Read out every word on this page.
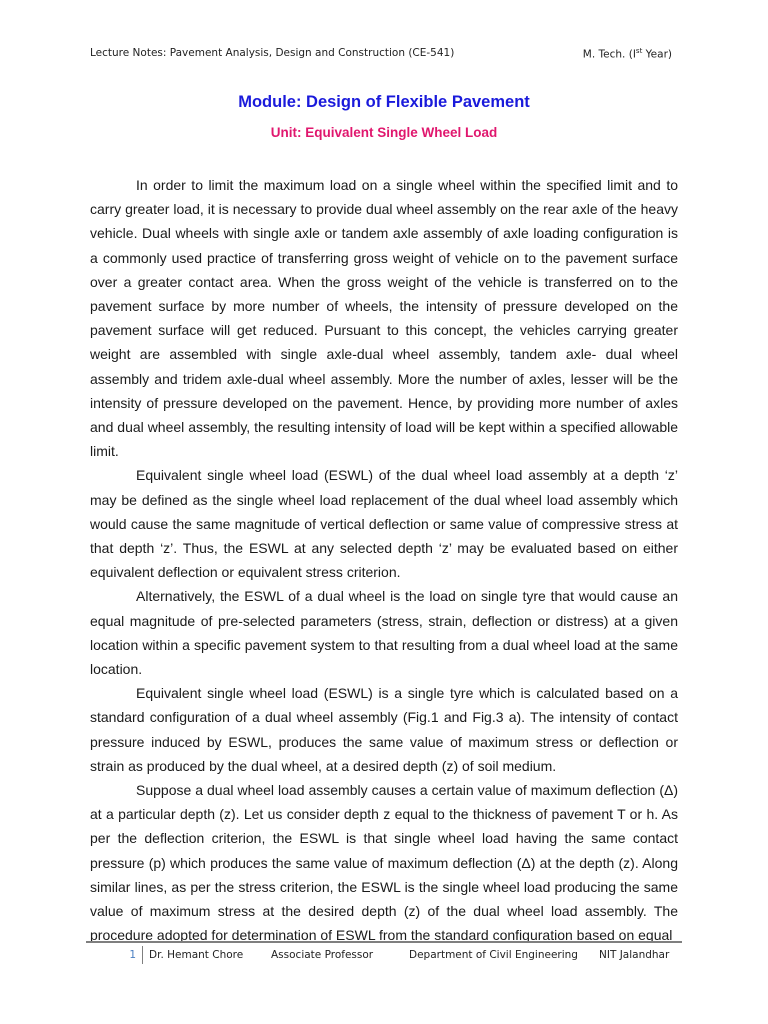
Lecture Notes: Pavement Analysis, Design and Construction (CE-541)	M. Tech. (Ist Year)
Module: Design of Flexible Pavement
Unit: Equivalent Single Wheel Load

In order to limit the maximum load on a single wheel within the specified limit and to carry greater load, it is necessary to provide dual wheel assembly on the rear axle of the heavy vehicle. Dual wheels with single axle or tandem axle assembly of axle loading configuration is a commonly used practice of transferring gross weight of vehicle on to the pavement surface over a greater contact area. When the gross weight of the vehicle is transferred on to the pavement surface by more number of wheels, the intensity of pressure developed on the pavement surface will get reduced. Pursuant to this concept, the vehicles carrying greater weight are assembled with single axle-dual wheel assembly, tandem axle- dual wheel assembly and tridem axle-dual wheel assembly. More the number of axles, lesser will be the intensity of pressure developed on the pavement. Hence, by providing more number of axles and dual wheel assembly, the resulting intensity of load will be kept within a specified allowable limit.

Equivalent single wheel load (ESWL) of the dual wheel load assembly at a depth ‘z’ may be defined as the single wheel load replacement of the dual wheel load assembly which would cause the same magnitude of vertical deflection or same value of compressive stress at that depth ‘z’. Thus, the ESWL at any selected depth ‘z’ may be evaluated based on either equivalent deflection or equivalent stress criterion.

Alternatively, the ESWL of a dual wheel is the load on single tyre that would cause an equal magnitude of pre-selected parameters (stress, strain, deflection or distress) at a given location within a specific pavement system to that resulting from a dual wheel load at the same location.

Equivalent single wheel load (ESWL) is a single tyre which is calculated based on a standard configuration of a dual wheel assembly (Fig.1 and Fig.3 a). The intensity of contact pressure induced by ESWL, produces the same value of maximum stress or deflection or strain as produced by the dual wheel, at a desired depth (z) of soil medium.

Suppose a dual wheel load assembly causes a certain value of maximum deflection (Δ) at a particular depth (z). Let us consider depth z equal to the thickness of pavement T or h. As per the deflection criterion, the ESWL is that single wheel load having the same contact pressure (p) which produces the same value of maximum deflection (Δ) at the depth (z). Along similar lines, as per the stress criterion, the ESWL is the single wheel load producing the same value of maximum stress at the desired depth (z) of the dual wheel load assembly. The procedure adopted for determination of ESWL from the standard configuration based on equal

1	Dr. Hemant Chore	Associate Professor	Department of Civil Engineering	NIT Jalandhar
